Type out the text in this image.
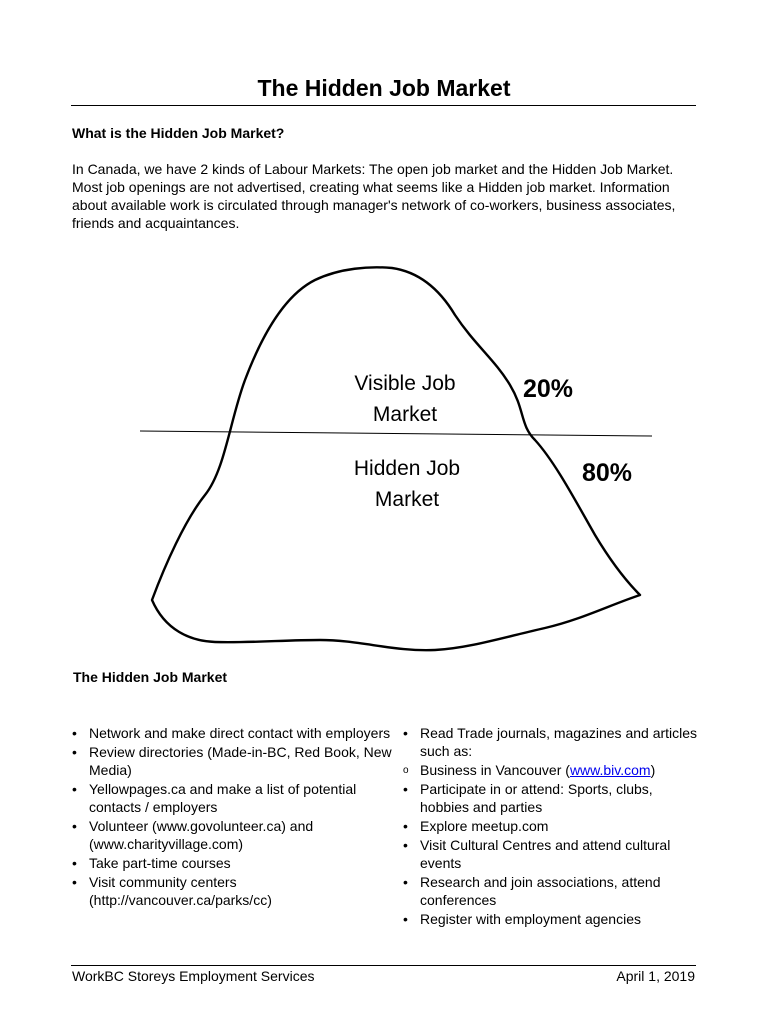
The Hidden Job Market
What is the Hidden Job Market?
In Canada, we have 2 kinds of Labour Markets: The open job market and the Hidden Job Market. Most job openings are not advertised, creating what seems like a Hidden job market. Information about available work is circulated through manager's network of co-workers, business associates, friends and acquaintances.
Visible Job
Market
Hidden Job
Market
20%
80%
The Hidden Job Market
• Network and make direct contact with employers
• Review directories (Made-in-BC, Red Book, New Media)
• Yellowpages.ca and make a list of potential contacts / employers
• Volunteer (www.govolunteer.ca) and (www.charityvillage.com)
• Take part-time courses
• Visit community centers (http://vancouver.ca/parks/cc)
• Read Trade journals, magazines and articles such as:
o Business in Vancouver (www.biv.com)
• Participate in or attend: Sports, clubs, hobbies and parties
• Explore meetup.com
• Visit Cultural Centres and attend cultural events
• Research and join associations, attend conferences
• Register with employment agencies
WorkBC Storeys Employment Services	April 1, 2019
